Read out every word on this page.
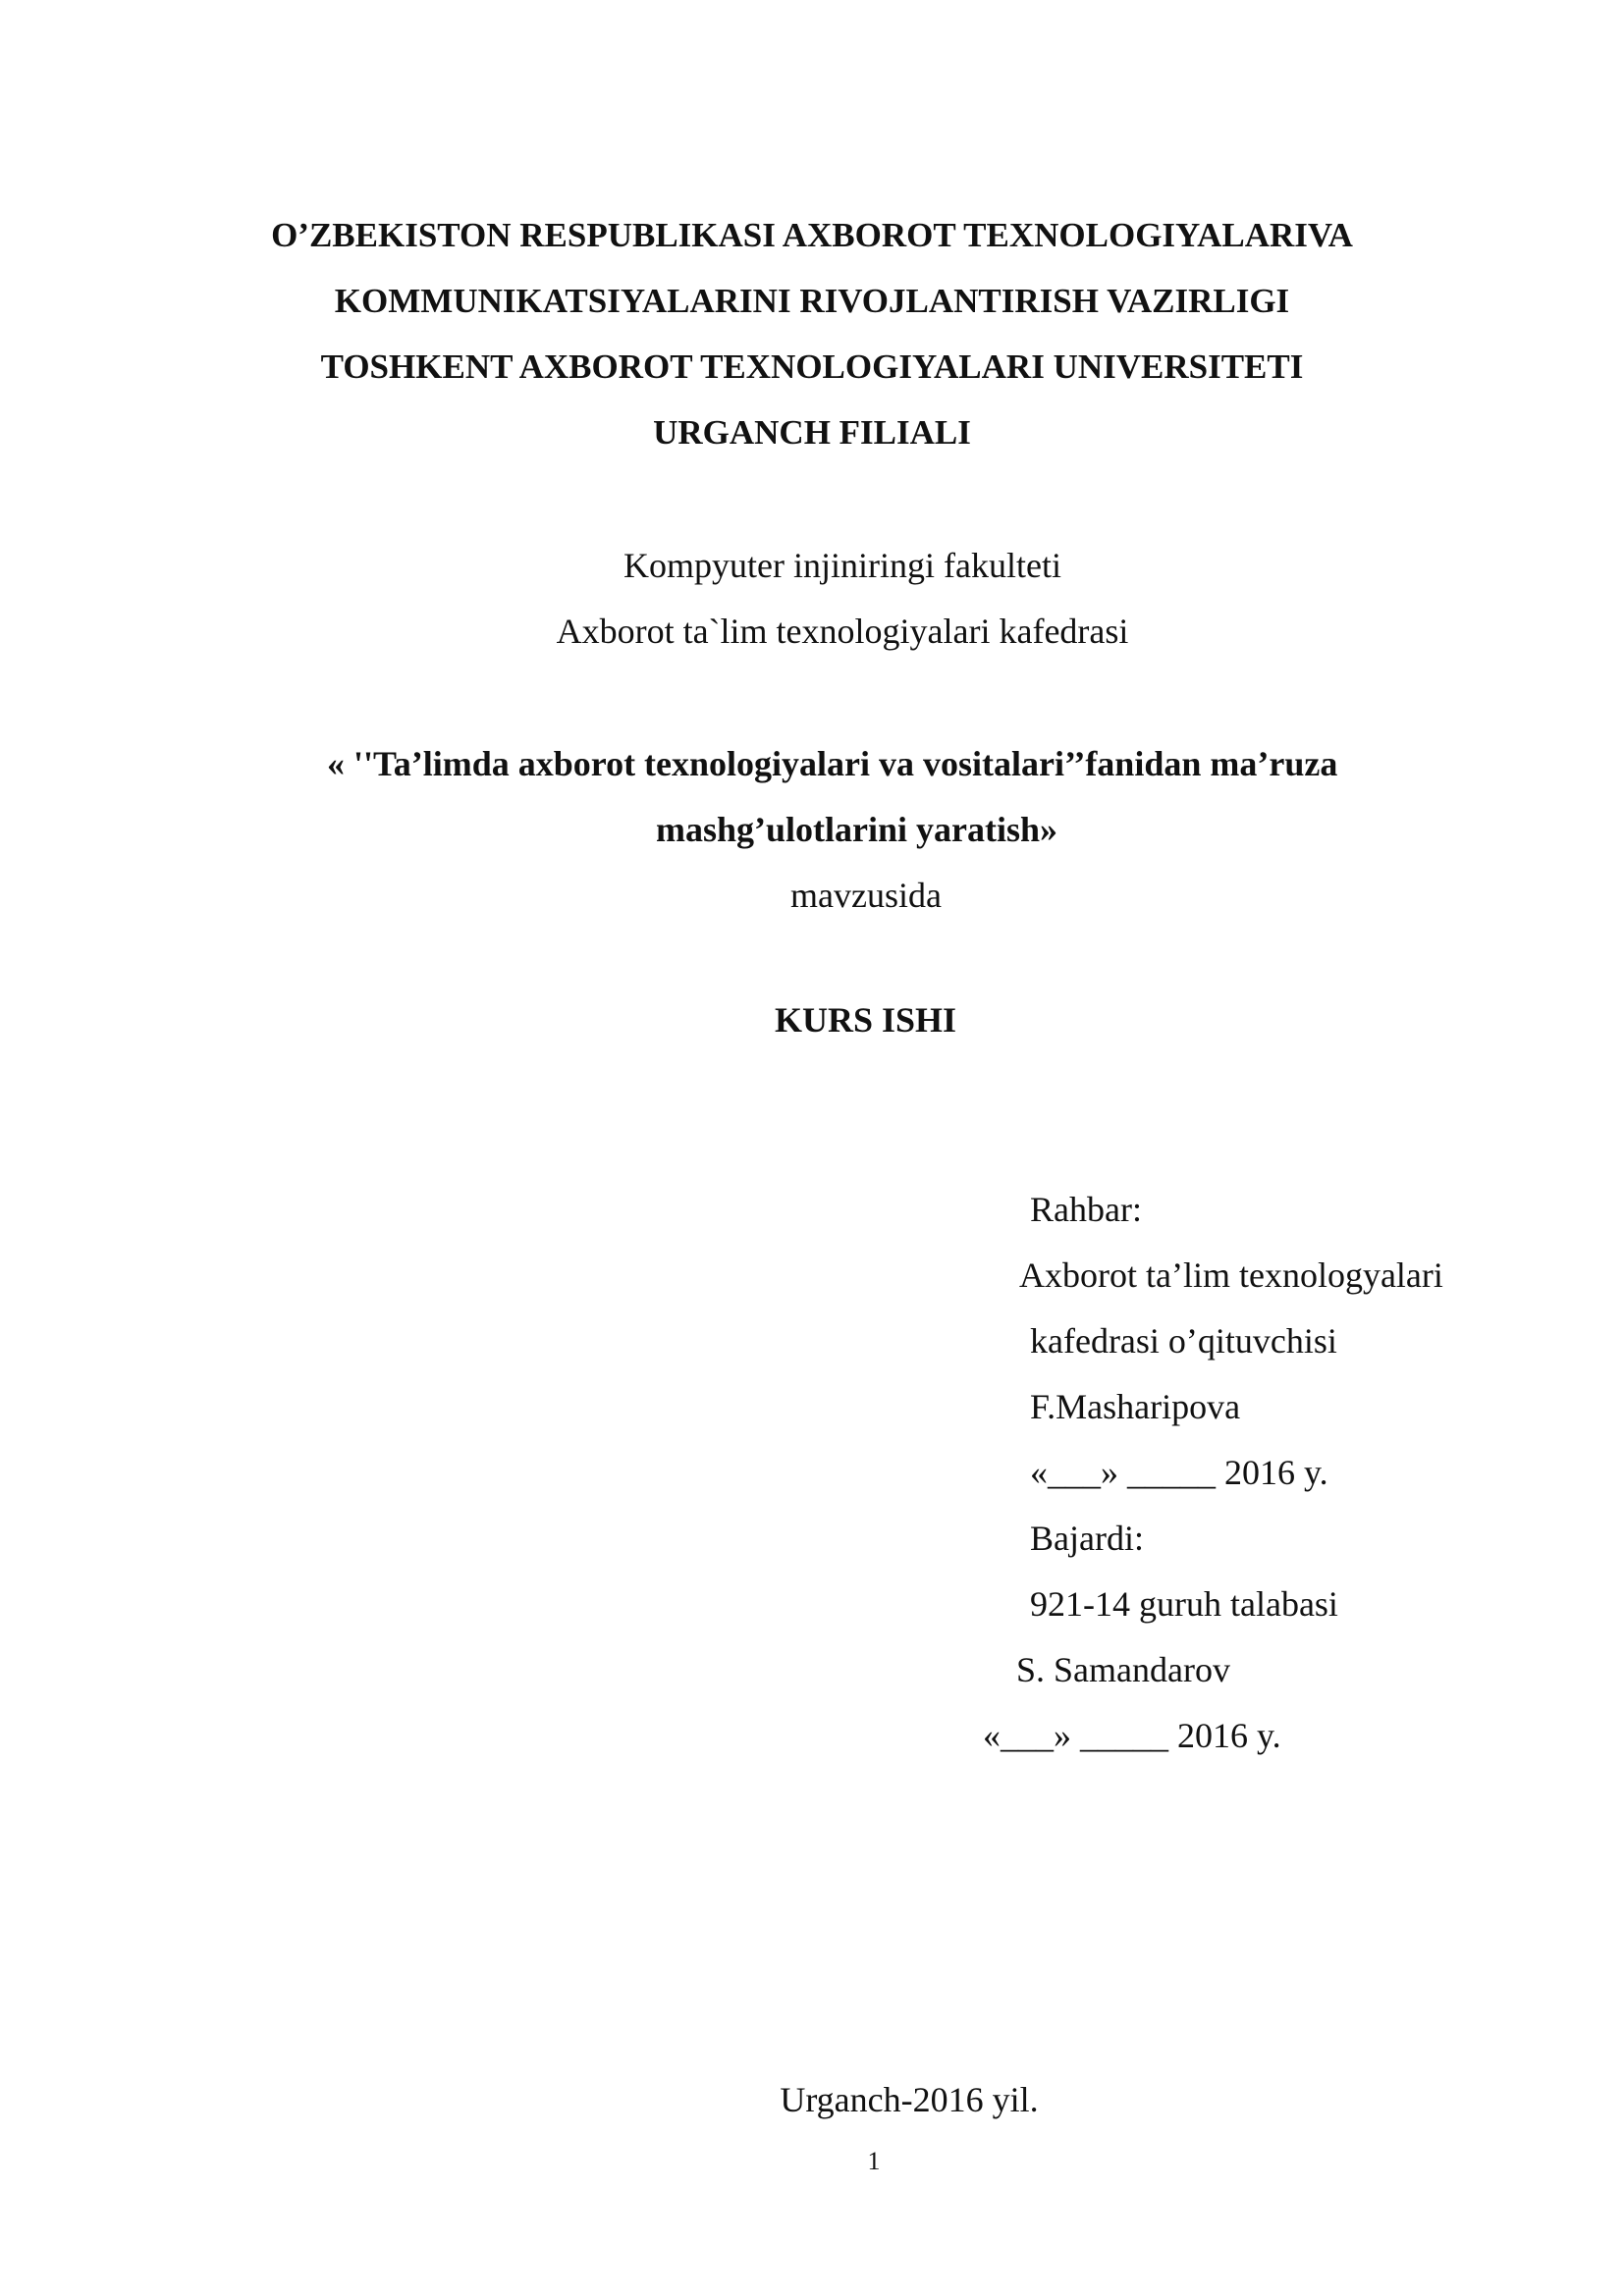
O’ZBEKISTON RESPUBLIKASI AXBOROT TEXNOLOGIYALARIVA
KOMMUNIKATSIYALARINI RIVOJLANTIRISH VAZIRLIGI
TOSHKENT AXBOROT TEXNOLOGIYALARI UNIVERSITETI
URGANCH FILIALI
Kompyuter injiniringi fakulteti
Axborot ta`lim texnologiyalari kafedrasi
« ''Ta’limda axborot texnologiyalari va vositalari’’fanidan ma’ruza
mashg’ulotlarini yaratish»
mavzusida
KURS ISHI
Rahbar:
Axborot ta’lim texnologyalari
kafedrasi o’qituvchisi
F.Masharipova
«___» _____ 2016 y.
Bajardi:
921-14 guruh talabasi
S. Samandarov
«___» _____ 2016 y.
Urganch-2016 yil.
1
